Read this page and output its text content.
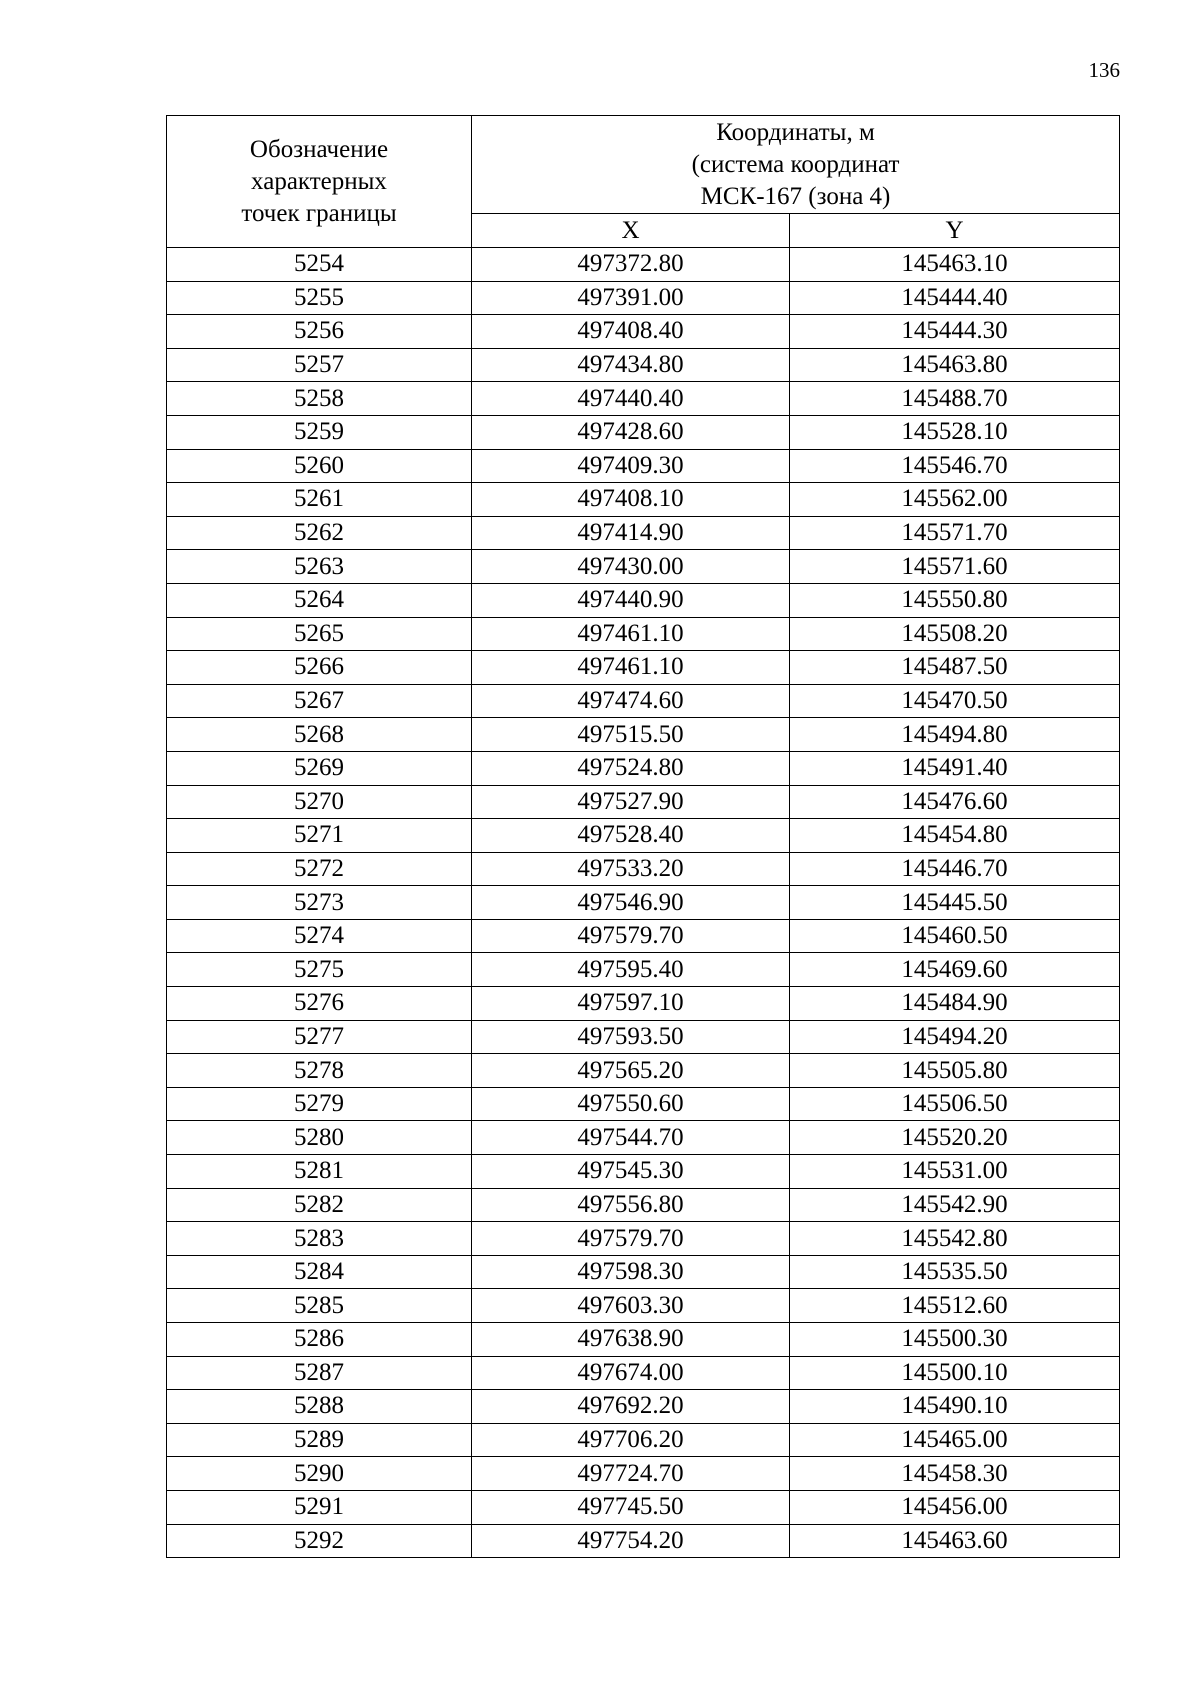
136
Обозначение
характерных
точек границы	Координаты, м
(система координат
МСК-167 (зона 4)	

	X	Y
5254	497372.80	145463.10
5255	497391.00	145444.40
5256	497408.40	145444.30
5257	497434.80	145463.80
5258	497440.40	145488.70
5259	497428.60	145528.10
5260	497409.30	145546.70
5261	497408.10	145562.00
5262	497414.90	145571.70
5263	497430.00	145571.60
5264	497440.90	145550.80
5265	497461.10	145508.20
5266	497461.10	145487.50
5267	497474.60	145470.50
5268	497515.50	145494.80
5269	497524.80	145491.40
5270	497527.90	145476.60
5271	497528.40	145454.80
5272	497533.20	145446.70
5273	497546.90	145445.50
5274	497579.70	145460.50
5275	497595.40	145469.60
5276	497597.10	145484.90
5277	497593.50	145494.20
5278	497565.20	145505.80
5279	497550.60	145506.50
5280	497544.70	145520.20
5281	497545.30	145531.00
5282	497556.80	145542.90
5283	497579.70	145542.80
5284	497598.30	145535.50
5285	497603.30	145512.60
5286	497638.90	145500.30
5287	497674.00	145500.10
5288	497692.20	145490.10
5289	497706.20	145465.00
5290	497724.70	145458.30
5291	497745.50	145456.00
5292	497754.20	145463.60
